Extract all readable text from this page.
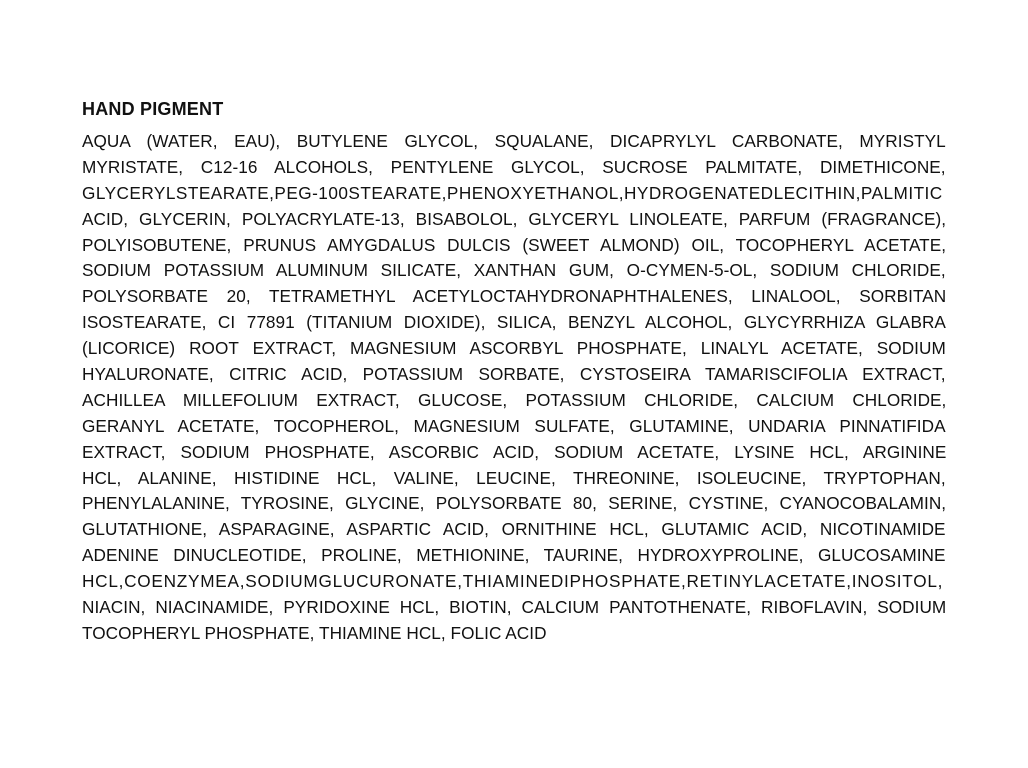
HAND PIGMENT
AQUA (WATER, EAU), BUTYLENE GLYCOL, SQUALANE, DICAPRYLYL CARBONATE, MYRISTYL
MYRISTATE, C12-16 ALCOHOLS, PENTYLENE GLYCOL, SUCROSE PALMITATE, DIMETHICONE,
GLYCERYLSTEARATE,PEG-100STEARATE,PHENOXYETHANOL,HYDROGENATEDLECITHIN,PALMITIC
ACID, GLYCERIN, POLYACRYLATE-13, BISABOLOL, GLYCERYL LINOLEATE, PARFUM (FRAGRANCE),
POLYISOBUTENE, PRUNUS AMYGDALUS DULCIS (SWEET ALMOND) OIL, TOCOPHERYL ACETATE,
SODIUM POTASSIUM ALUMINUM SILICATE, XANTHAN GUM, O-CYMEN-5-OL, SODIUM CHLORIDE,
POLYSORBATE 20, TETRAMETHYL ACETYLOCTAHYDRONAPHTHALENES, LINALOOL, SORBITAN
ISOSTEARATE, CI 77891 (TITANIUM DIOXIDE), SILICA, BENZYL ALCOHOL, GLYCYRRHIZA GLABRA
(LICORICE) ROOT EXTRACT, MAGNESIUM ASCORBYL PHOSPHATE, LINALYL ACETATE, SODIUM
HYALURONATE, CITRIC ACID, POTASSIUM SORBATE, CYSTOSEIRA TAMARISCIFOLIA EXTRACT,
ACHILLEA MILLEFOLIUM EXTRACT, GLUCOSE, POTASSIUM CHLORIDE, CALCIUM CHLORIDE,
GERANYL ACETATE, TOCOPHEROL, MAGNESIUM SULFATE, GLUTAMINE, UNDARIA PINNATIFIDA
EXTRACT, SODIUM PHOSPHATE, ASCORBIC ACID, SODIUM ACETATE, LYSINE HCL, ARGININE
HCL, ALANINE, HISTIDINE HCL, VALINE, LEUCINE, THREONINE, ISOLEUCINE, TRYPTOPHAN,
PHENYLALANINE, TYROSINE, GLYCINE, POLYSORBATE 80, SERINE, CYSTINE, CYANOCOBALAMIN,
GLUTATHIONE, ASPARAGINE, ASPARTIC ACID, ORNITHINE HCL, GLUTAMIC ACID, NICOTINAMIDE
ADENINE DINUCLEOTIDE, PROLINE, METHIONINE, TAURINE, HYDROXYPROLINE, GLUCOSAMINE
HCL,COENZYMEA,SODIUMGLUCURONATE,THIAMINEDIPHOSPHATE,RETINYLACETATE,INOSITOL,
NIACIN, NIACINAMIDE, PYRIDOXINE HCL, BIOTIN, CALCIUM PANTOTHENATE, RIBOFLAVIN, SODIUM
TOCOPHERYL PHOSPHATE, THIAMINE HCL, FOLIC ACID
